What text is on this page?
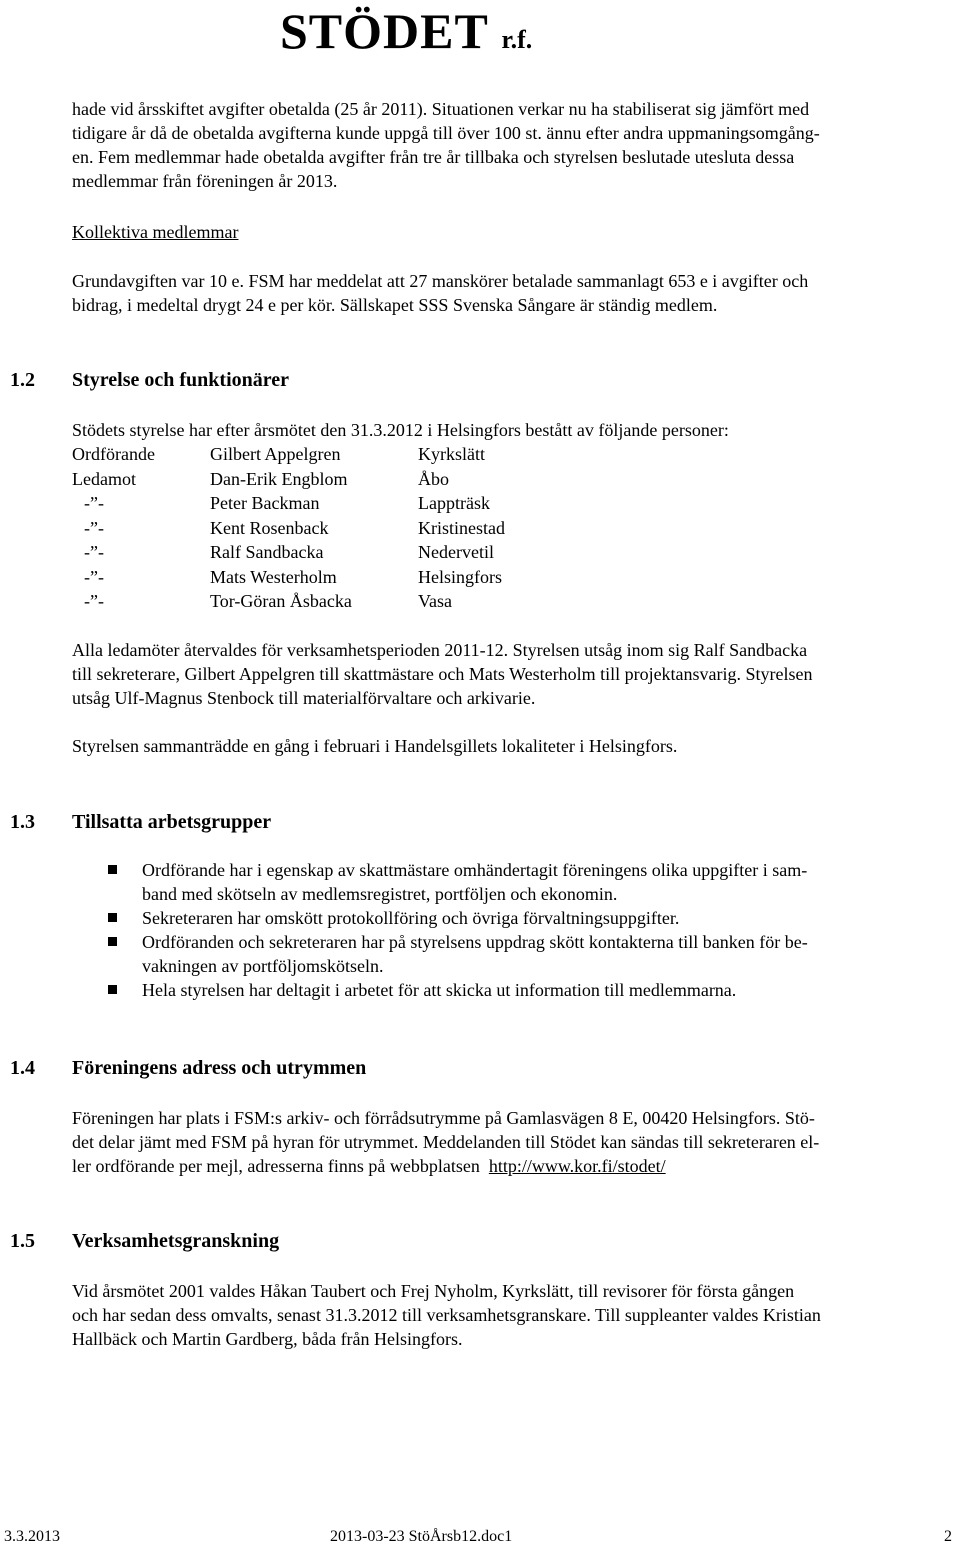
STÖDET r.f.

hade vid årsskiftet avgifter obetalda (25 år 2011). Situationen verkar nu ha stabiliserat sig jämfört med

tidigare år då de obetalda avgifterna kunde uppgå till över 100 st. ännu efter andra uppmaningsomgång-

en. Fem medlemmar hade obetalda avgifter från tre år tillbaka och styrelsen beslutade utesluta dessa

medlemmar från föreningen år 2013.

Kollektiva medlemmar

Grundavgiften var 10 e. FSM har meddelat att 27 manskörer betalade sammanlagt 653 e i avgifter och

bidrag, i medeltal drygt 24 e per kör. Sällskapet SSS Svenska Sångare är ständig medlem.

1.2 Styrelse och funktionärer

Stödets styrelse har efter årsmötet den 31.3.2012 i Helsingfors bestått av följande personer:

Ordförande	Gilbert Appelgren	Kyrkslätt
Ledamot	Dan-Erik Engblom	Åbo
-”-	Peter Backman	Lappträsk
-”-	Kent Rosenback	Kristinestad
-”-	Ralf Sandbacka	Nedervetil
-”-	Mats Westerholm	Helsingfors
-”-	Tor-Göran Åsbacka	Vasa

Alla ledamöter återvaldes för verksamhetsperioden 2011-12. Styrelsen utsåg inom sig Ralf Sandbacka

till sekreterare, Gilbert Appelgren till skattmästare och Mats Westerholm till projektansvarig. Styrelsen

utsåg Ulf-Magnus Stenbock till materialförvaltare och arkivarie.

Styrelsen sammanträdde en gång i februari i Handelsgillets lokaliteter i Helsingfors.

1.3 Tillsatta arbetsgrupper
Ordförande har i egenskap av skattmästare omhändertagit föreningens olika uppgifter i sam-
band med skötseln av medlemsregistret, portföljen och ekonomin.
Sekreteraren har omskött protokollföring och övriga förvaltningsuppgifter.
Ordföranden och sekreteraren har på styrelsens uppdrag skött kontakterna till banken för be-
vakningen av portföljomskötseln.
Hela styrelsen har deltagit i arbetet för att skicka ut information till medlemmarna.
1.4 Föreningens adress och utrymmen

Föreningen har plats i FSM:s arkiv- och förrådsutrymme på Gamlasvägen 8 E, 00420 Helsingfors. Stö-

det delar jämt med FSM på hyran för utrymmet. Meddelanden till Stödet kan sändas till sekreteraren el-

ler ordförande per mejl, adresserna finns på webbplatsen http://www.kor.fi/stodet/

1.5 Verksamhetsgranskning

Vid årsmötet 2001 valdes Håkan Taubert och Frej Nyholm, Kyrkslätt, till revisorer för första gången

och har sedan dess omvalts, senast 31.3.2012 till verksamhetsgranskare. Till suppleanter valdes Kristian

Hallbäck och Martin Gardberg, båda från Helsingfors.

3.3.2013	2013-03-23 StöÅrsb12.doc1	2
